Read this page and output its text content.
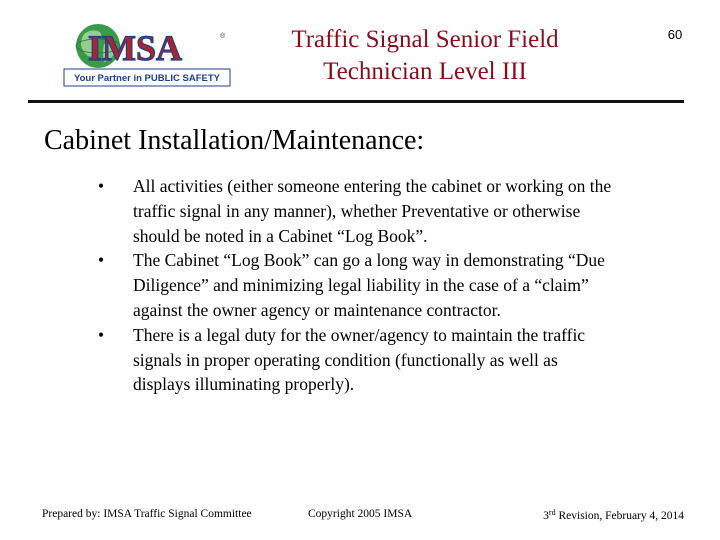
IMSA	®
Your Partner in PUBLIC SAFETY
Traffic Signal Senior Field
Technician Level III
60
Cabinet Installation/Maintenance:
•	All activities (either someone entering the cabinet or working on the traffic signal in any manner), whether Preventative or otherwise should be noted in a Cabinet “Log Book”.
•	The Cabinet “Log Book” can go a long way in demonstrating “Due Diligence” and minimizing legal liability in the case of a “claim” against the owner agency or maintenance contractor.
•	There is a legal duty for the owner/agency to maintain the traffic signals in proper operating condition (functionally as well as displays illuminating properly).
Prepared by: IMSA Traffic Signal Committee	Copyright 2005 IMSA	3rd Revision, February 4, 2014
